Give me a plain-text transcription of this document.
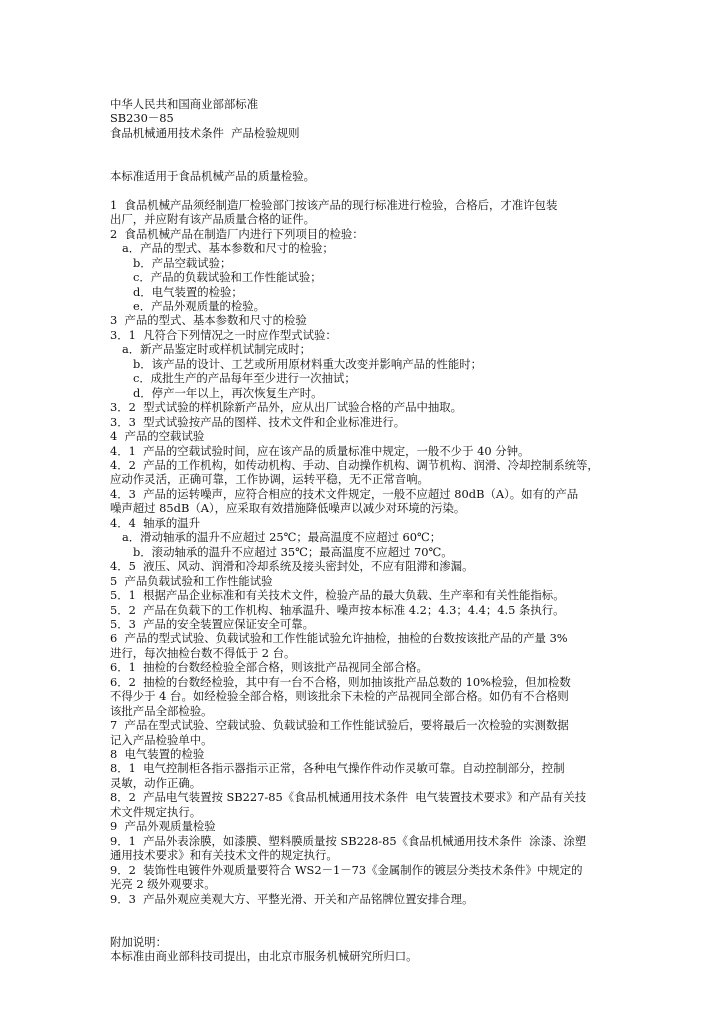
中华人民共和国商业部部标准
SB230－85
食品机械通用技术条件  产品检验规则
本标准适用于食品机械产品的质量检验。
1  食品机械产品须经制造厂检验部门按该产品的现行标准进行检验，合格后，才准许包装
出厂，并应附有该产品质量合格的证件。
2  食品机械产品在制造厂内进行下列项目的检验：
a．产品的型式、基本参数和尺寸的检验；
b．产品空载试验；
c．产品的负载试验和工作性能试验；
d．电气装置的检验；
e．产品外观质量的检验。
3  产品的型式、基本参数和尺寸的检验
3．1  凡符合下列情况之一时应作型式试验：
a．新产品鉴定时或样机试制完成时；
b．该产品的设计、工艺或所用原材料重大改变并影响产品的性能时；
c．成批生产的产品每年至少进行一次抽试；
d．停产一年以上，再次恢复生产时。
3．2  型式试验的样机除新产品外，应从出厂试验合格的产品中抽取。
3．3  型式试验按产品的图样、技术文件和企业标准进行。
4  产品的空载试验
4．1  产品的空载试验时间，应在该产品的质量标准中规定，一般不少于 40 分钟。
4．2  产品的工作机构，如传动机构、手动、自动操作机构、调节机构、润滑、冷却控制系统等，
应动作灵活，正确可靠，工作协调，运转平稳，无不正常音响。
4．3  产品的运转噪声，应符合相应的技术文件规定，一般不应超过 80dB（A）。如有的产品
噪声超过 85dB（A），应采取有效措施降低噪声以减少对环境的污染。
4．4  轴承的温升
a．滑动轴承的温升不应超过 25℃；最高温度不应超过 60℃；
b．滚动轴承的温升不应超过 35℃；最高温度不应超过 70℃。
4．5  液压、风动、润滑和冷却系统及接头密封处，不应有阻滞和渗漏。
5  产品负载试验和工作性能试验
5．1  根据产品企业标准和有关技术文件，检验产品的最大负载、生产率和有关性能指标。
5．2  产品在负载下的工作机构、轴承温升、噪声按本标准 4.2；4.3；4.4；4.5 条执行。
5．3  产品的安全装置应保证安全可靠。
6  产品的型式试验、负载试验和工作性能试验允许抽检，抽检的台数按该批产品的产量 3%
进行，每次抽检台数不得低于 2 台。
6．1  抽检的台数经检验全部合格，则该批产品视同全部合格。
6．2  抽检的台数经检验，其中有一台不合格，则加抽该批产品总数的 10%检验，但加检数
不得少于 4 台。如经检验全部合格，则该批余下未检的产品视同全部合格。如仍有不合格则
该批产品全部检验。
7  产品在型式试验、空载试验、负载试验和工作性能试验后，要将最后一次检验的实测数据
记入产品检验单中。
8  电气装置的检验
8．1  电气控制柜各指示器指示正常，各种电气操作件动作灵敏可靠。自动控制部分，控制
灵敏，动作正确。
8．2  产品电气装置按 SB227-85《食品机械通用技术条件  电气装置技术要求》和产品有关技
术文件规定执行。
9  产品外观质量检验
9．1  产品外表涂膜，如漆膜、塑料膜质量按 SB228-85《食品机械通用技术条件  涂漆、涂塑
通用技术要求》和有关技术文件的规定执行。
9．2  装饰性电镀件外观质量要符合 WS2－1－73《金属制作的镀层分类技术条件》中规定的
光亮 2 级外观要求。
9．3  产品外观应美观大方、平整光滑、开关和产品铭牌位置安排合理。
附加说明：
本标准由商业部科技司提出，由北京市服务机械研究所归口。
